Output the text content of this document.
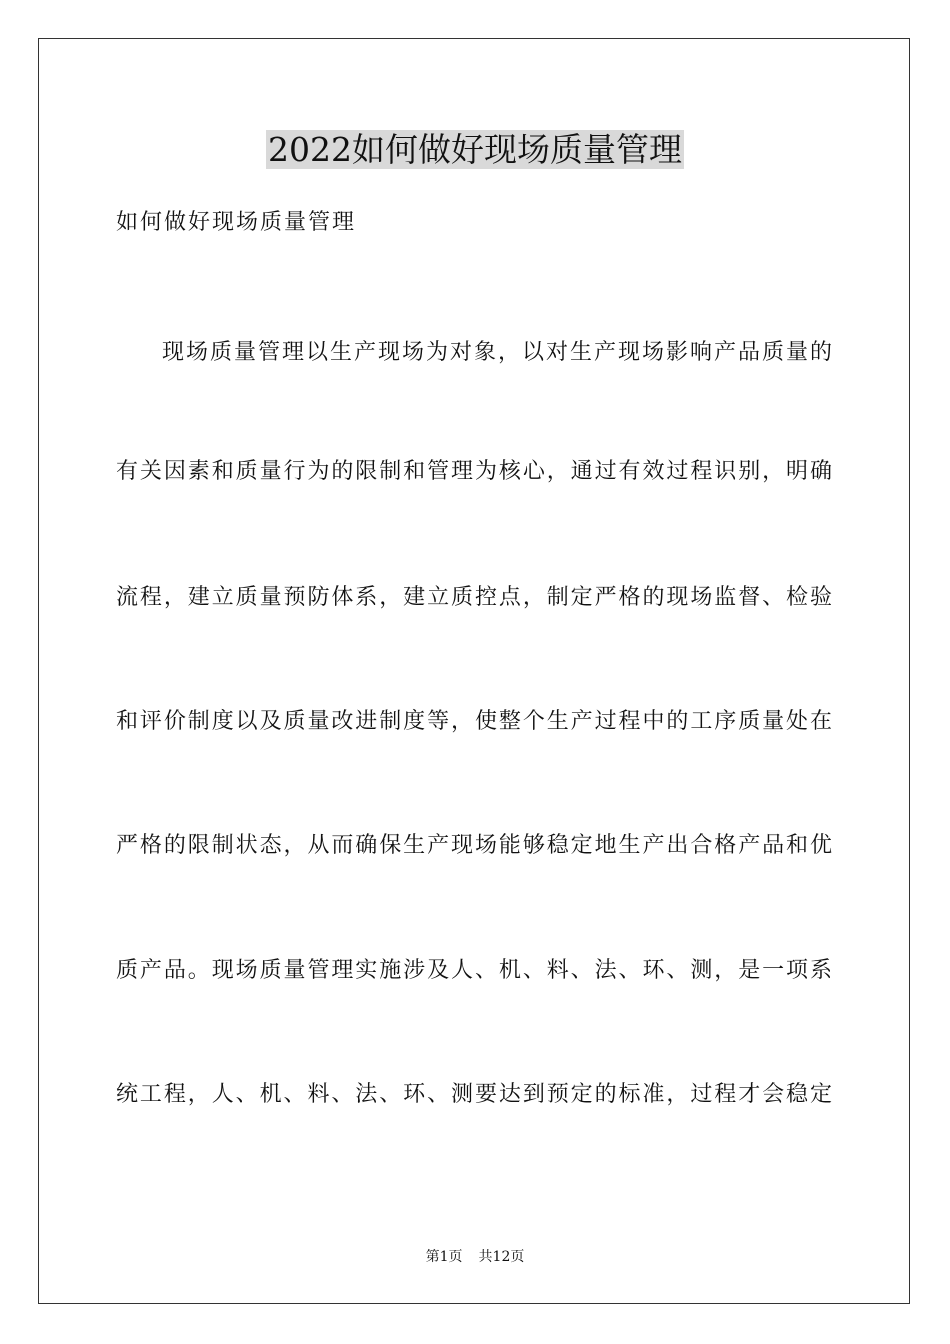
2022如何做好现场质量管理

如何做好现场质量管理

现场质量管理以生产现场为对象，以对生产现场影响产品质量的

有关因素和质量行为的限制和管理为核心，通过有效过程识别，明确

流程，建立质量预防体系，建立质控点，制定严格的现场监督、检验

和评价制度以及质量改进制度等，使整个生产过程中的工序质量处在

严格的限制状态，从而确保生产现场能够稳定地生产出合格产品和优

质产品。现场质量管理实施涉及人、机、料、法、环、测，是一项系

统工程，人、机、料、法、环、测要达到预定的标准，过程才会稳定

第1页 共12页
